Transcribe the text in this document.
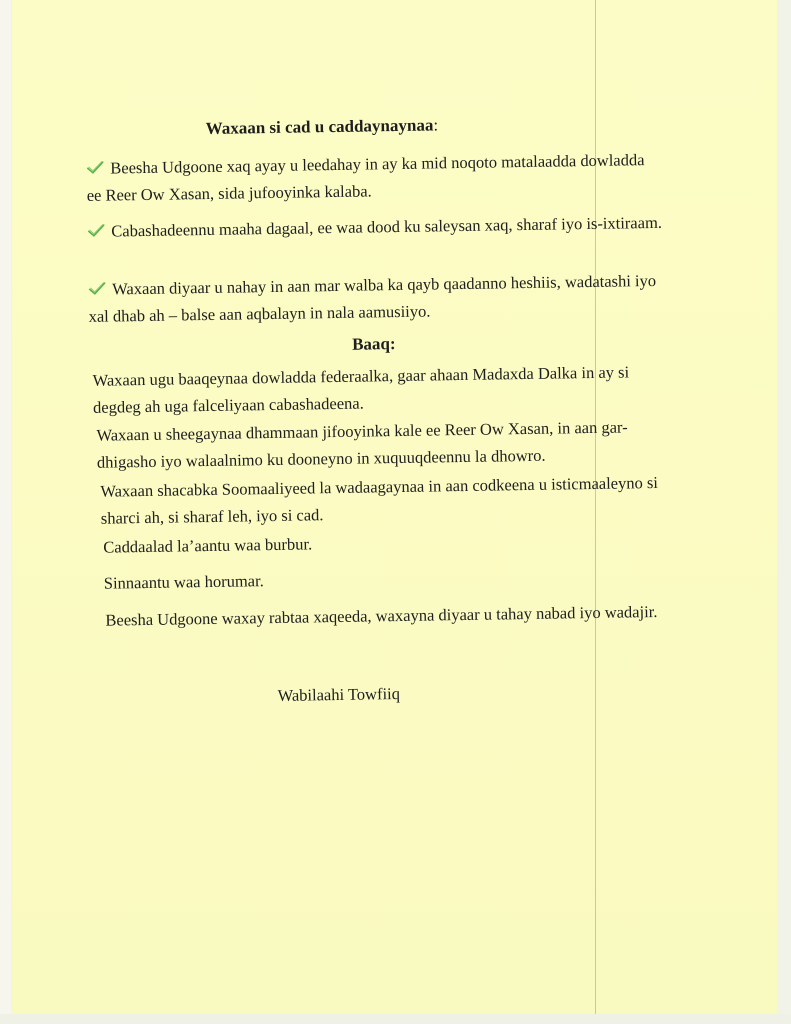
Waxaan si cad u caddaynaynaa:

Beesha Udgoone xaq ayay u leedahay in ay ka mid noqoto matalaadda dowladda ee Reer Ow Xasan, sida jufooyinka kalaba.

Cabashadeennu maaha dagaal, ee waa dood ku saleysan xaq, sharaf iyo is-ixtiraam.

Waxaan diyaar u nahay in aan mar walba ka qayb qaadanno heshiis, wadatashi iyo xal dhab ah – balse aan aqbalayn in nala aamusiiyo.

Baaq:

Waxaan ugu baaqeynaa dowladda federaalka, gaar ahaan Madaxda Dalka in ay si degdeg ah uga falceliyaan cabashadeena.

Waxaan u sheegaynaa dhammaan jifooyinka kale ee Reer Ow Xasan, in aan gar-dhigasho iyo walaalnimo ku dooneyno in xuquuqdeennu la dhowro.

Waxaan shacabka Soomaaliyeed la wadaagaynaa in aan codkeena u isticmaaleyno si sharci ah, si sharaf leh, iyo si cad.

Caddaalad la’aantu waa burbur.

Sinnaantu waa horumar.

Beesha Udgoone waxay rabtaa xaqeeda, waxayna diyaar u tahay nabad iyo wadajir.

Wabilaahi Towfiiq
